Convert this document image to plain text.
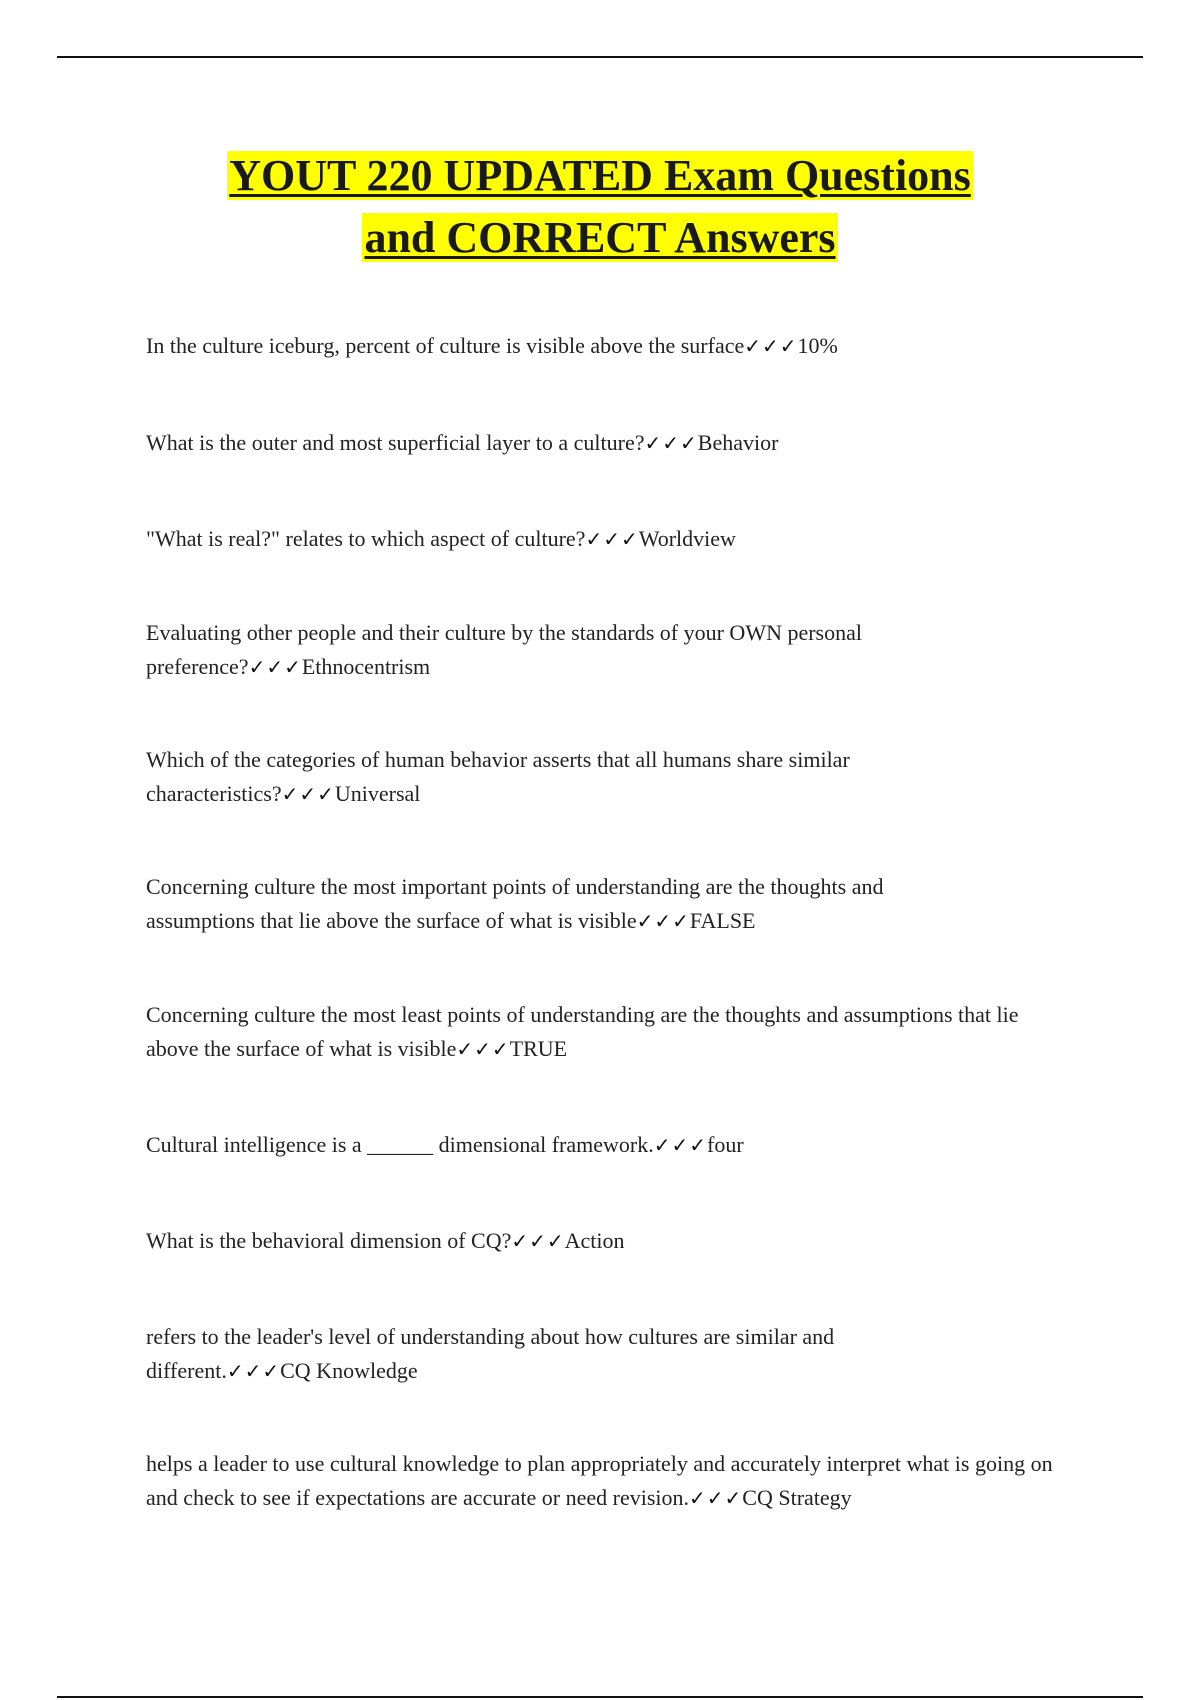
YOUT 220 UPDATED Exam Questions
and CORRECT Answers
In the culture iceburg, percent of culture is visible above the surface✓✓✓10%
What is the outer and most superficial layer to a culture?✓✓✓Behavior
"What is real?" relates to which aspect of culture?✓✓✓Worldview
Evaluating other people and their culture by the standards of your OWN personal preference?✓✓✓Ethnocentrism
Which of the categories of human behavior asserts that all humans share similar characteristics?✓✓✓Universal
Concerning culture the most important points of understanding are the thoughts and assumptions that lie above the surface of what is visible✓✓✓FALSE
Concerning culture the most least points of understanding are the thoughts and assumptions that lie above the surface of what is visible✓✓✓TRUE
Cultural intelligence is a ______ dimensional framework.✓✓✓four
What is the behavioral dimension of CQ?✓✓✓Action
refers to the leader's level of understanding about how cultures are similar and different.✓✓✓CQ Knowledge
helps a leader to use cultural knowledge to plan appropriately and accurately interpret what is going on and check to see if expectations are accurate or need revision.✓✓✓CQ Strategy
